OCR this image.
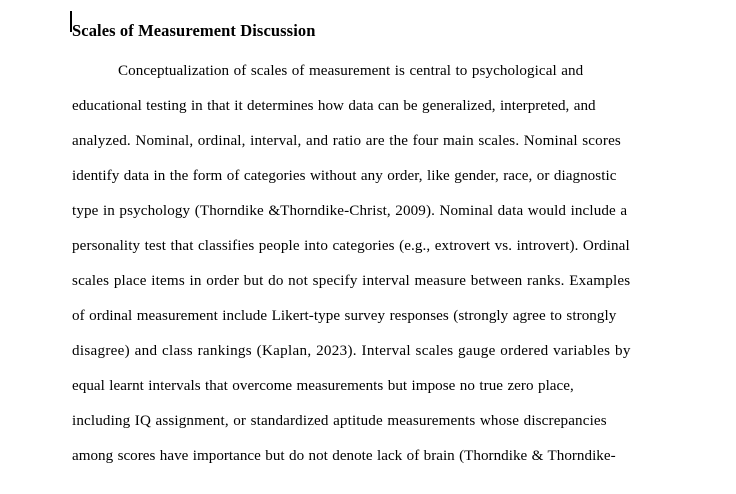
Scales of Measurement Discussion
Conceptualization of scales of measurement is central to psychological and
educational testing in that it determines how data can be generalized, interpreted, and
analyzed. Nominal, ordinal, interval, and ratio are the four main scales. Nominal scores
identify data in the form of categories without any order, like gender, race, or diagnostic
type in psychology (Thorndike &Thorndike-Christ, 2009). Nominal data would include a
personality test that classifies people into categories (e.g., extrovert vs. introvert). Ordinal
scales place items in order but do not specify interval measure between ranks. Examples
of ordinal measurement include Likert-type survey responses (strongly agree to strongly
disagree) and class rankings (Kaplan, 2023). Interval scales gauge ordered variables by
equal learnt intervals that overcome measurements but impose no true zero place,
including IQ assignment, or standardized aptitude measurements whose discrepancies
among scores have importance but do not denote lack of brain (Thorndike & Thorndike-
